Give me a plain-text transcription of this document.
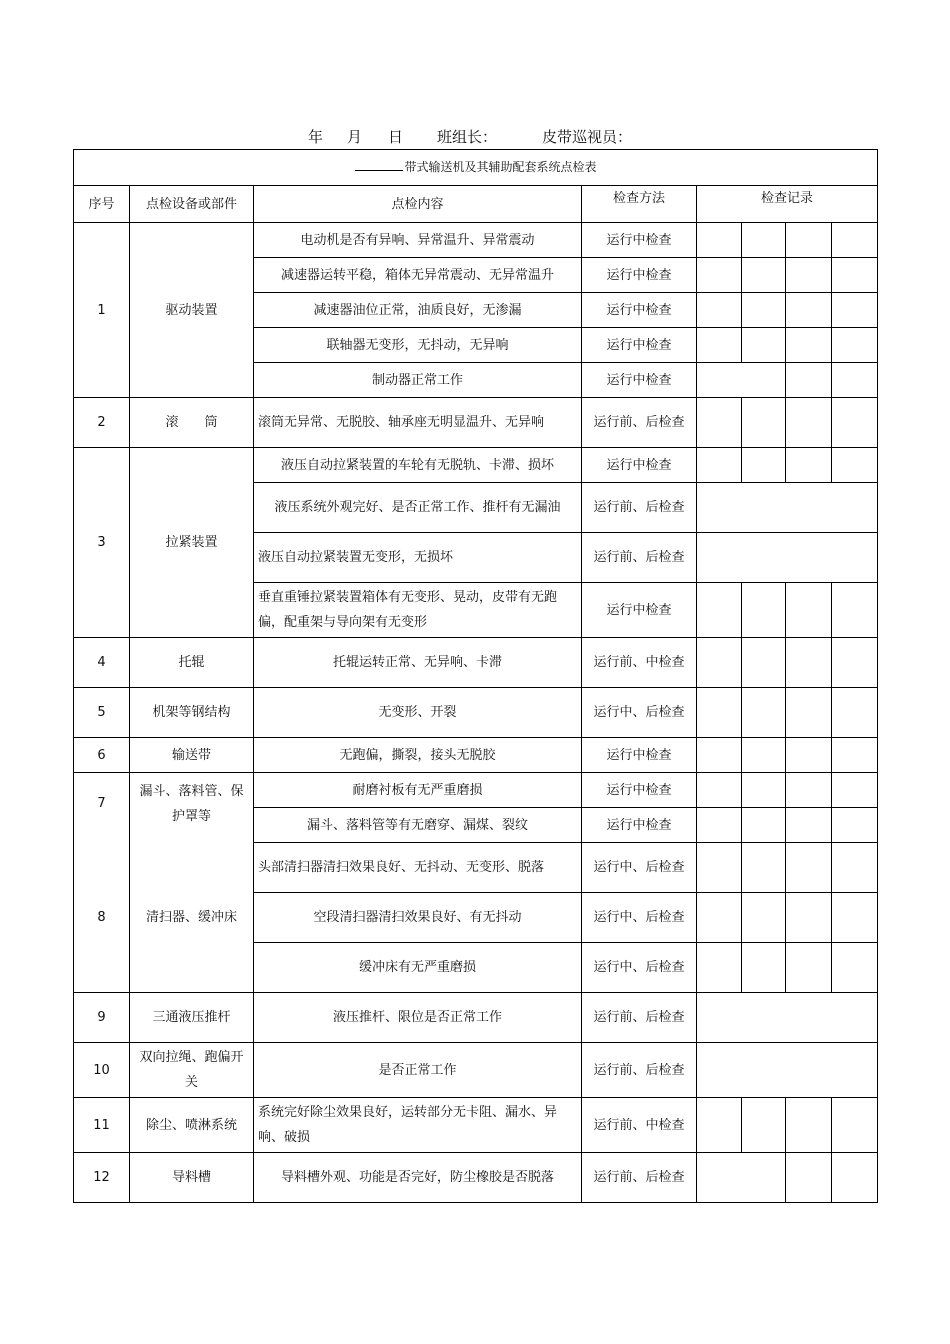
年 月 日 班组长：	皮带巡视员：
带式输送机及其辅助配套系统点检表							
序号	点检设备或部件	点检内容	检查方法	检查记录			
1	驱动装置	电动机是否有异响、异常温升、异常震动	运行中检查				
		减速器运转平稳，箱体无异常震动、无异常温升	运行中检查				
		减速器油位正常，油质良好，无渗漏	运行中检查				
		联轴器无变形，无抖动，无异响	运行中检查				
		制动器正常工作	运行中检查				
2	滚　　筒	滚筒无异常、无脱胶、轴承座无明显温升、无异响	运行前、后检查				
3	拉紧装置	液压自动拉紧装置的车轮有无脱轨、卡滞、损坏	运行中检查				
		液压系统外观完好、是否正常工作、推杆有无漏油	运行前、后检查				
		液压自动拉紧装置无变形，无损坏	运行前、后检查				
		垂直重锤拉紧装置箱体有无变形、晃动，皮带有无跑偏，配重架与导向架有无变形	运行中检查				
4	托辊	托辊运转正常、无异响、卡滞	运行前、中检查				
5	机架等钢结构	无变形、开裂	运行中、后检查				
6	输送带	无跑偏，撕裂，接头无脱胶	运行中检查				
7	漏斗、落料管、保护罩等	耐磨衬板有无严重磨损	运行中检查				
		漏斗、落料管等有无磨穿、漏煤、裂纹	运行中检查				
8	清扫器、缓冲床	头部清扫器清扫效果良好、无抖动、无变形、脱落	运行中、后检查				
		空段清扫器清扫效果良好、有无抖动	运行中、后检查				
		缓冲床有无严重磨损	运行中、后检查				
9	三通液压推杆	液压推杆、限位是否正常工作	运行前、后检查				
10	双向拉绳、跑偏开关	是否正常工作	运行前、后检查				
11	除尘、喷淋系统	系统完好除尘效果良好，运转部分无卡阻、漏水、异响、破损	运行前、中检查				
12	导料槽	导料槽外观、功能是否完好，防尘橡胶是否脱落	运行前、后检查				
